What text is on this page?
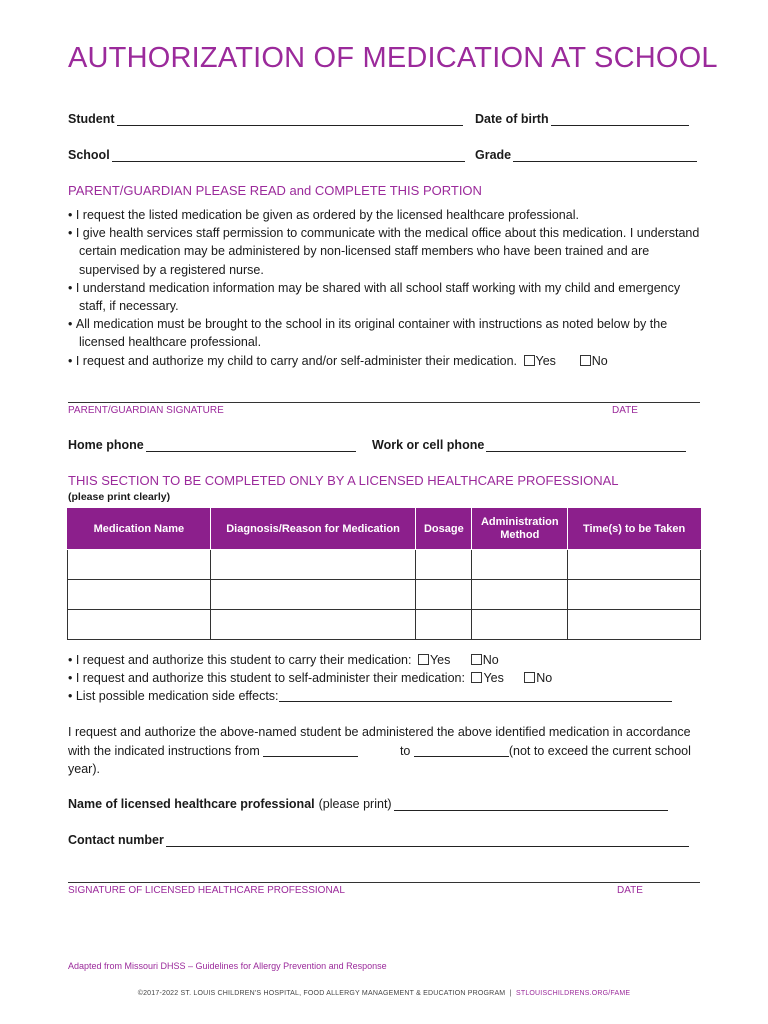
AUTHORIZATION OF MEDICATION AT SCHOOL
Student	Date of birth
School	Grade
PARENT/GUARDIAN PLEASE READ and COMPLETE THIS PORTION
• I request the listed medication be given as ordered by the licensed healthcare professional.
• I give health services staff permission to communicate with the medical office about this medication. I understand certain medication may be administered by non-licensed staff members who have been trained and are supervised by a registered nurse.
• I understand medication information may be shared with all school staff working with my child and emergency staff, if necessary.
• All medication must be brought to the school in its original container with instructions as noted below by the licensed healthcare professional.
• I request and authorize my child to carry and/or self-administer their medication. Yes	No
PARENT/GUARDIAN SIGNATURE	DATE
Home phone	Work or cell phone
THIS SECTION TO BE COMPLETED ONLY BY A LICENSED HEALTHCARE PROFESSIONAL
(please print clearly)
Medication Name	Diagnosis/Reason for Medication	Dosage	Administration Method	Time(s) to be Taken

• I request and authorize this student to carry their medication: Yes	No
• I request and authorize this student to self-administer their medication: Yes	No
• List possible medication side effects:
I request and authorize the above-named student be administered the above identified medication in accordance with the indicated instructions from	to	(not to exceed the current school year).
Name of licensed healthcare professional (please print)
Contact number
SIGNATURE OF LICENSED HEALTHCARE PROFESSIONAL	DATE
Adapted from Missouri DHSS – Guidelines for Allergy Prevention and Response
©2017-2022 ST. LOUIS CHILDREN'S HOSPITAL, FOOD ALLERGY MANAGEMENT & EDUCATION PROGRAM | STLOUISCHILDRENS.ORG/FAME
